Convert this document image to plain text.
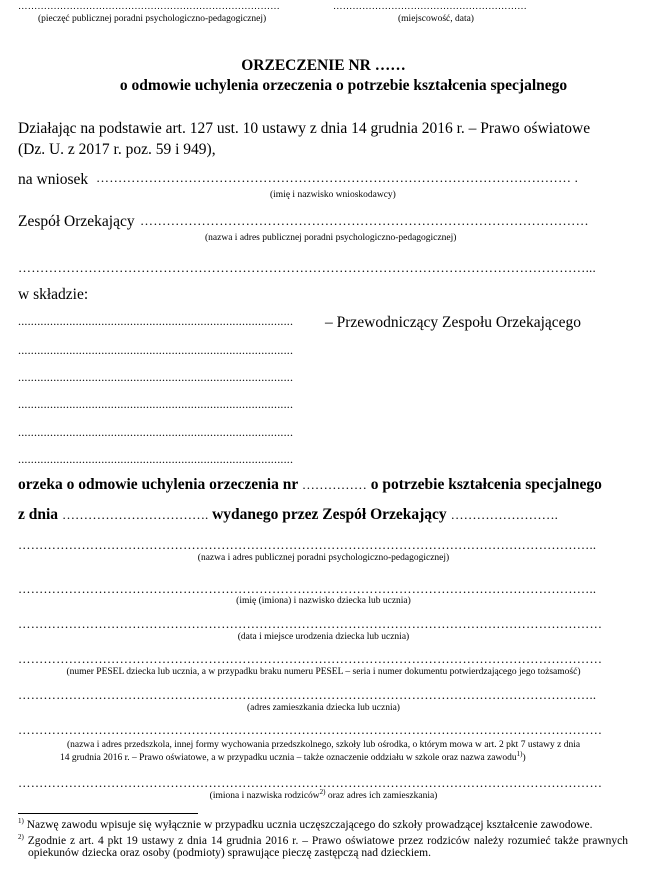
………………………………………………………………………	……………………………………………………
(pieczęć publicznej poradni psychologiczno-pedagogicznej)	(miejscowość, data)
ORZECZENIE NR ……
o odmowie uchylenia orzeczenia o potrzebie kształcenia specjalnego
Działając na podstawie art. 127 ust. 10 ustawy z dnia 14 grudnia 2016 r. – Prawo oświatowe
(Dz. U. z 2017 r. poz. 59 i 949),
na wniosek ……………………………………………………………………………………………… .
(imię i nazwisko wnioskodawcy)
Zespół Orzekający …………………………………………………………………………………………
(nazwa i adres publicznej poradni psychologiczno-pedagogicznej)
…………………………………………………………………………………………………………………...
w składzie:
...................................................................................... – Przewodniczący Zespołu Orzekającego
......................................................................................
......................................................................................
......................................................................................
......................................................................................
......................................................................................
orzeka o odmowie uchylenia orzeczenia nr …………… o potrzebie kształcenia specjalnego
z dnia ……………………………. wydanego przez Zespół Orzekający …………………….
………………………………………………………………………………………………………………………..
(nazwa i adres publicznej poradni psychologiczno-pedagogicznej)
………………………………………………………………………………………………………………………..
(imię (imiona) i nazwisko dziecka lub ucznia)
…………………………………………………………………………………………………………………………
(data i miejsce urodzenia dziecka lub ucznia)
…………………………………………………………………………………………………………………………
(numer PESEL dziecka lub ucznia, a w przypadku braku numeru PESEL – seria i numer dokumentu potwierdzającego jego tożsamość)
………………………………………………………………………………………………………………………..
(adres zamieszkania dziecka lub ucznia)
…………………………………………………………………………………………………………………………
(nazwa i adres przedszkola, innej formy wychowania przedszkolnego, szkoły lub ośrodka, o którym mowa w art. 2 pkt 7 ustawy z dnia
14 grudnia 2016 r. – Prawo oświatowe, a w przypadku ucznia – także oznaczenie oddziału w szkole oraz nazwa zawodu$^{1)}$)
…………………………………………………………………………………………………………………………
(imiona i nazwiska rodziców$^{2)}$ oraz adres ich zamieszkania)
$^{1)}$ Nazwę zawodu wpisuje się wyłącznie w przypadku ucznia uczęszczającego do szkoły prowadzącej kształcenie zawodowe.
$^{2)}$ Zgodnie z art. 4 pkt 19 ustawy z dnia 14 grudnia 2016 r. – Prawo oświatowe przez rodziców należy rozumieć także prawnych opiekunów dziecka oraz osoby (podmioty) sprawujące pieczę zastępczą nad dzieckiem.
